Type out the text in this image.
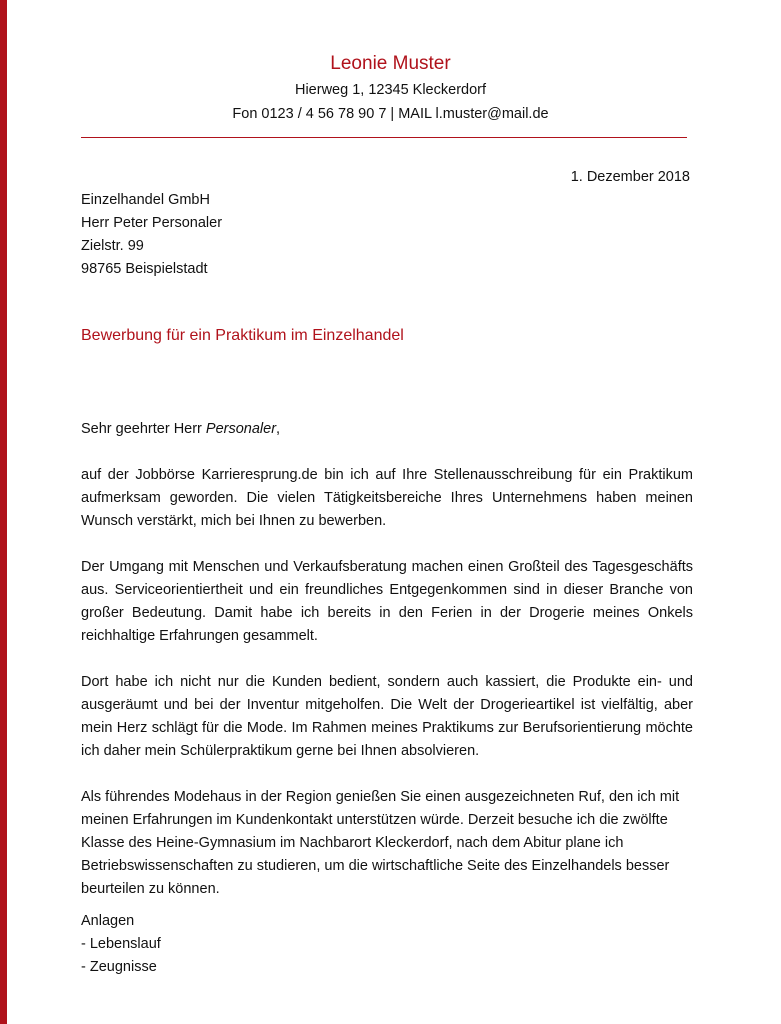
Leonie Muster

Hierweg 1, 12345 Kleckerdorf

Fon 0123 / 4 56 78 90 7 | MAIL l.muster@mail.de

1. Dezember 2018
Einzelhandel GmbH
Herr Peter Personaler
Zielstr. 99
98765 Beispielstadt
Bewerbung für ein Praktikum im Einzelhandel
Sehr geehrter Herr Personaler,

auf der Jobbörse Karrieresprung.de bin ich auf Ihre Stellenausschreibung für ein Praktikum aufmerksam geworden. Die vielen Tätigkeitsbereiche Ihres Unternehmens haben meinen Wunsch verstärkt, mich bei Ihnen zu bewerben.

Der Umgang mit Menschen und Verkaufsberatung machen einen Großteil des Tagesgeschäfts aus. Serviceorientiertheit und ein freundliches Entgegenkommen sind in dieser Branche von großer Bedeutung. Damit habe ich bereits in den Ferien in der Drogerie meines Onkels reichhaltige Erfahrungen gesammelt.

Dort habe ich nicht nur die Kunden bedient, sondern auch kassiert, die Produkte ein- und ausgeräumt und bei der Inventur mitgeholfen. Die Welt der Drogerieartikel ist vielfältig, aber mein Herz schlägt für die Mode. Im Rahmen meines Praktikums zur Berufsorientierung möchte ich daher mein Schülerpraktikum gerne bei Ihnen absolvieren.

Als führendes Modehaus in der Region genießen Sie einen ausgezeichneten Ruf, den ich mit meinen Erfahrungen im Kundenkontakt unterstützen würde. Derzeit besuche ich die zwölfte Klasse des Heine-Gymnasium im Nachbarort Kleckerdorf, nach dem Abitur plane ich Betriebswissenschaften zu studieren, um die wirtschaftliche Seite des Einzelhandels besser beurteilen zu können.

Anlagen
- Lebenslauf
- Zeugnisse
